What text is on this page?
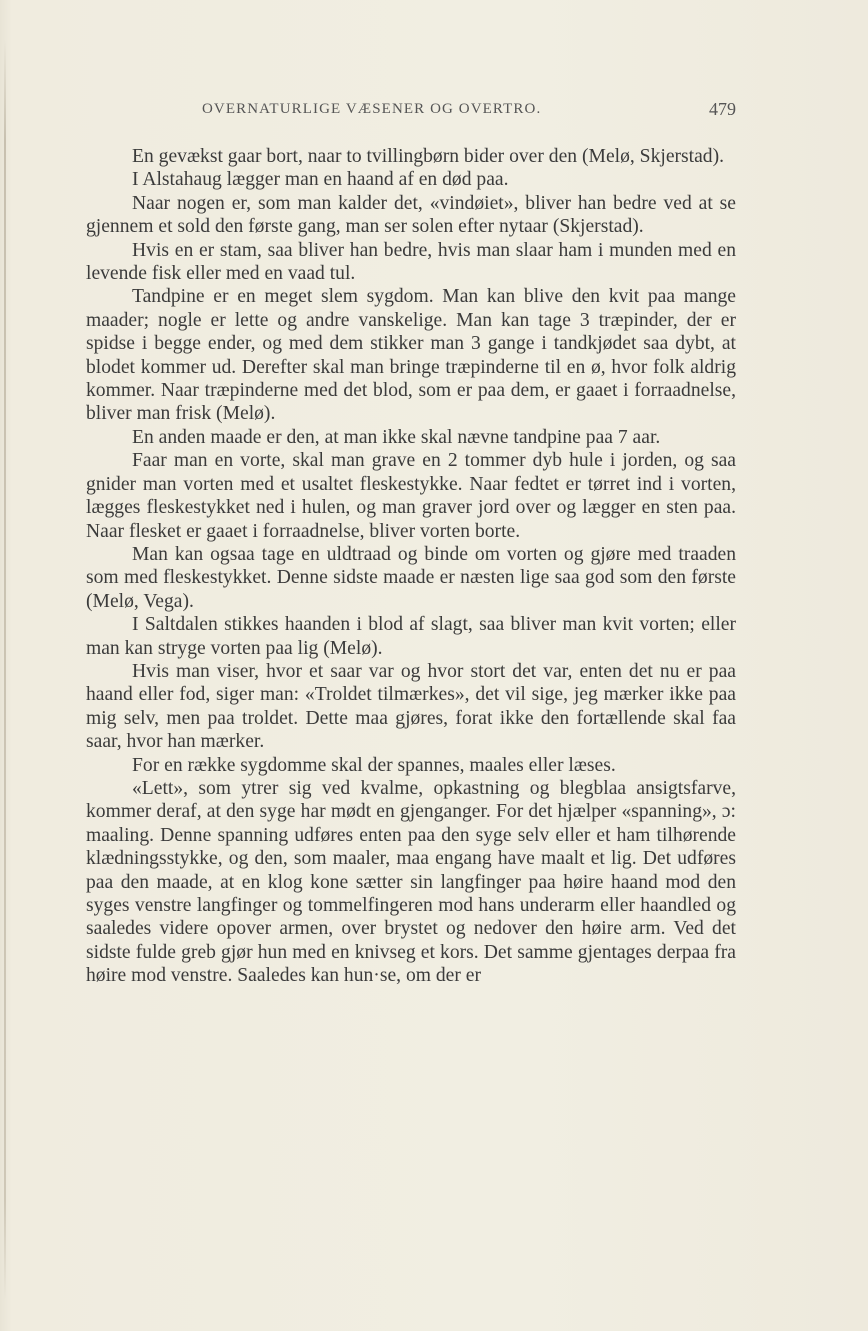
OVERNATURLIGE VÆSENER OG OVERTRO.	479

En gevækst gaar bort, naar to tvillingbørn bider over den (Melø, Skjerstad).

I Alstahaug lægger man en haand af en død paa.

Naar nogen er, som man kalder det, «vindøiet», bliver han bedre ved at se gjennem et sold den første gang, man ser solen efter nytaar (Skjerstad).

Hvis en er stam, saa bliver han bedre, hvis man slaar ham i munden med en levende fisk eller med en vaad tul.

Tandpine er en meget slem sygdom. Man kan blive den kvit paa mange maader; nogle er lette og andre vanskelige. Man kan tage 3 træpinder, der er spidse i begge ender, og med dem stikker man 3 gange i tandkjødet saa dybt, at blodet kommer ud. Derefter skal man bringe træpinderne til en ø, hvor folk aldrig kommer. Naar træpinderne med det blod, som er paa dem, er gaaet i forraadnelse, bliver man frisk (Melø).

En anden maade er den, at man ikke skal nævne tandpine paa 7 aar.

Faar man en vorte, skal man grave en 2 tommer dyb hule i jorden, og saa gnider man vorten med et usaltet fleskestykke. Naar fedtet er tørret ind i vorten, lægges fleskestykket ned i hulen, og man graver jord over og lægger en sten paa. Naar flesket er gaaet i forraadnelse, bliver vorten borte.

Man kan ogsaa tage en uldtraad og binde om vorten og gjøre med traaden som med fleskestykket. Denne sidste maade er næsten lige saa god som den første (Melø, Vega).

I Saltdalen stikkes haanden i blod af slagt, saa bliver man kvit vorten; eller man kan stryge vorten paa lig (Melø).

Hvis man viser, hvor et saar var og hvor stort det var, enten det nu er paa haand eller fod, siger man: «Troldet tilmærkes», det vil sige, jeg mærker ikke paa mig selv, men paa troldet. Dette maa gjøres, forat ikke den fortællende skal faa saar, hvor han mærker.

For en række sygdomme skal der spannes, maales eller læses.

«Lett», som ytrer sig ved kvalme, opkastning og blegblaa ansigtsfarve, kommer deraf, at den syge har mødt en gjenganger. For det hjælper «spanning», ɔ: maaling. Denne spanning udføres enten paa den syge selv eller et ham tilhørende klædningsstykke, og den, som maaler, maa engang have maalt et lig. Det udføres paa den maade, at en klog kone sætter sin langfinger paa høire haand mod den syges venstre langfinger og tommelfingeren mod hans underarm eller haandled og saaledes videre opover armen, over brystet og nedover den høire arm. Ved det sidste fulde greb gjør hun med en knivseg et kors. Det samme gjentages derpaa fra høire mod venstre. Saaledes kan hun·se, om der er
